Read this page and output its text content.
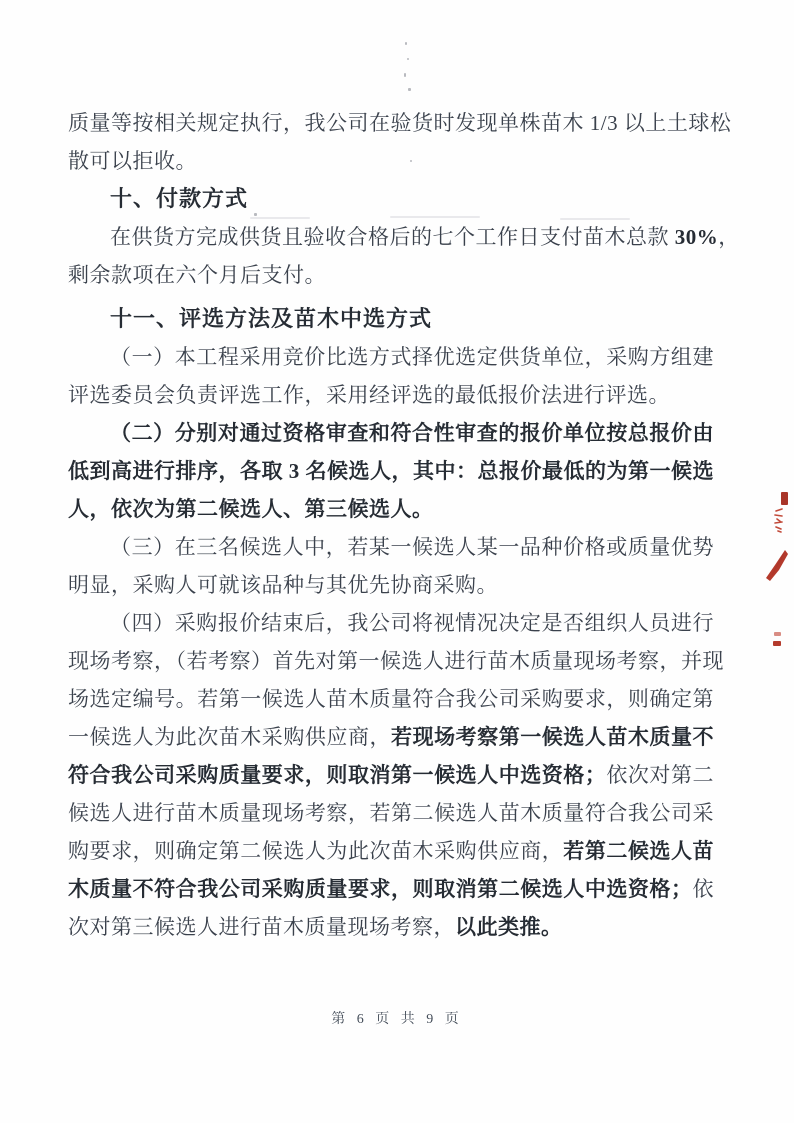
质量等按相关规定执行，我公司在验货时发现单株苗木 1/3 以上土球松
散可以拒收。
十、付款方式
在供货方完成供货且验收合格后的七个工作日支付苗木总款 30%，
剩余款项在六个月后支付。
十一、评选方法及苗木中选方式
（一）本工程采用竞价比选方式择优选定供货单位，采购方组建
评选委员会负责评选工作，采用经评选的最低报价法进行评选。
（二）分别对通过资格审查和符合性审查的报价单位按总报价由
低到高进行排序，各取 3 名候选人，其中：总报价最低的为第一候选
人，依次为第二候选人、第三候选人。
（三）在三名候选人中，若某一候选人某一品种价格或质量优势
明显，采购人可就该品种与其优先协商采购。
（四）采购报价结束后，我公司将视情况决定是否组织人员进行
现场考察，（若考察）首先对第一候选人进行苗木质量现场考察，并现
场选定编号。若第一候选人苗木质量符合我公司采购要求，则确定第
一候选人为此次苗木采购供应商，若现场考察第一候选人苗木质量不
符合我公司采购质量要求，则取消第一候选人中选资格；依次对第二
候选人进行苗木质量现场考察，若第二候选人苗木质量符合我公司采
购要求，则确定第二候选人为此次苗木采购供应商，若第二候选人苗
木质量不符合我公司采购质量要求，则取消第二候选人中选资格；依
次对第三候选人进行苗木质量现场考察，以此类推。
第 6 页 共 9 页
